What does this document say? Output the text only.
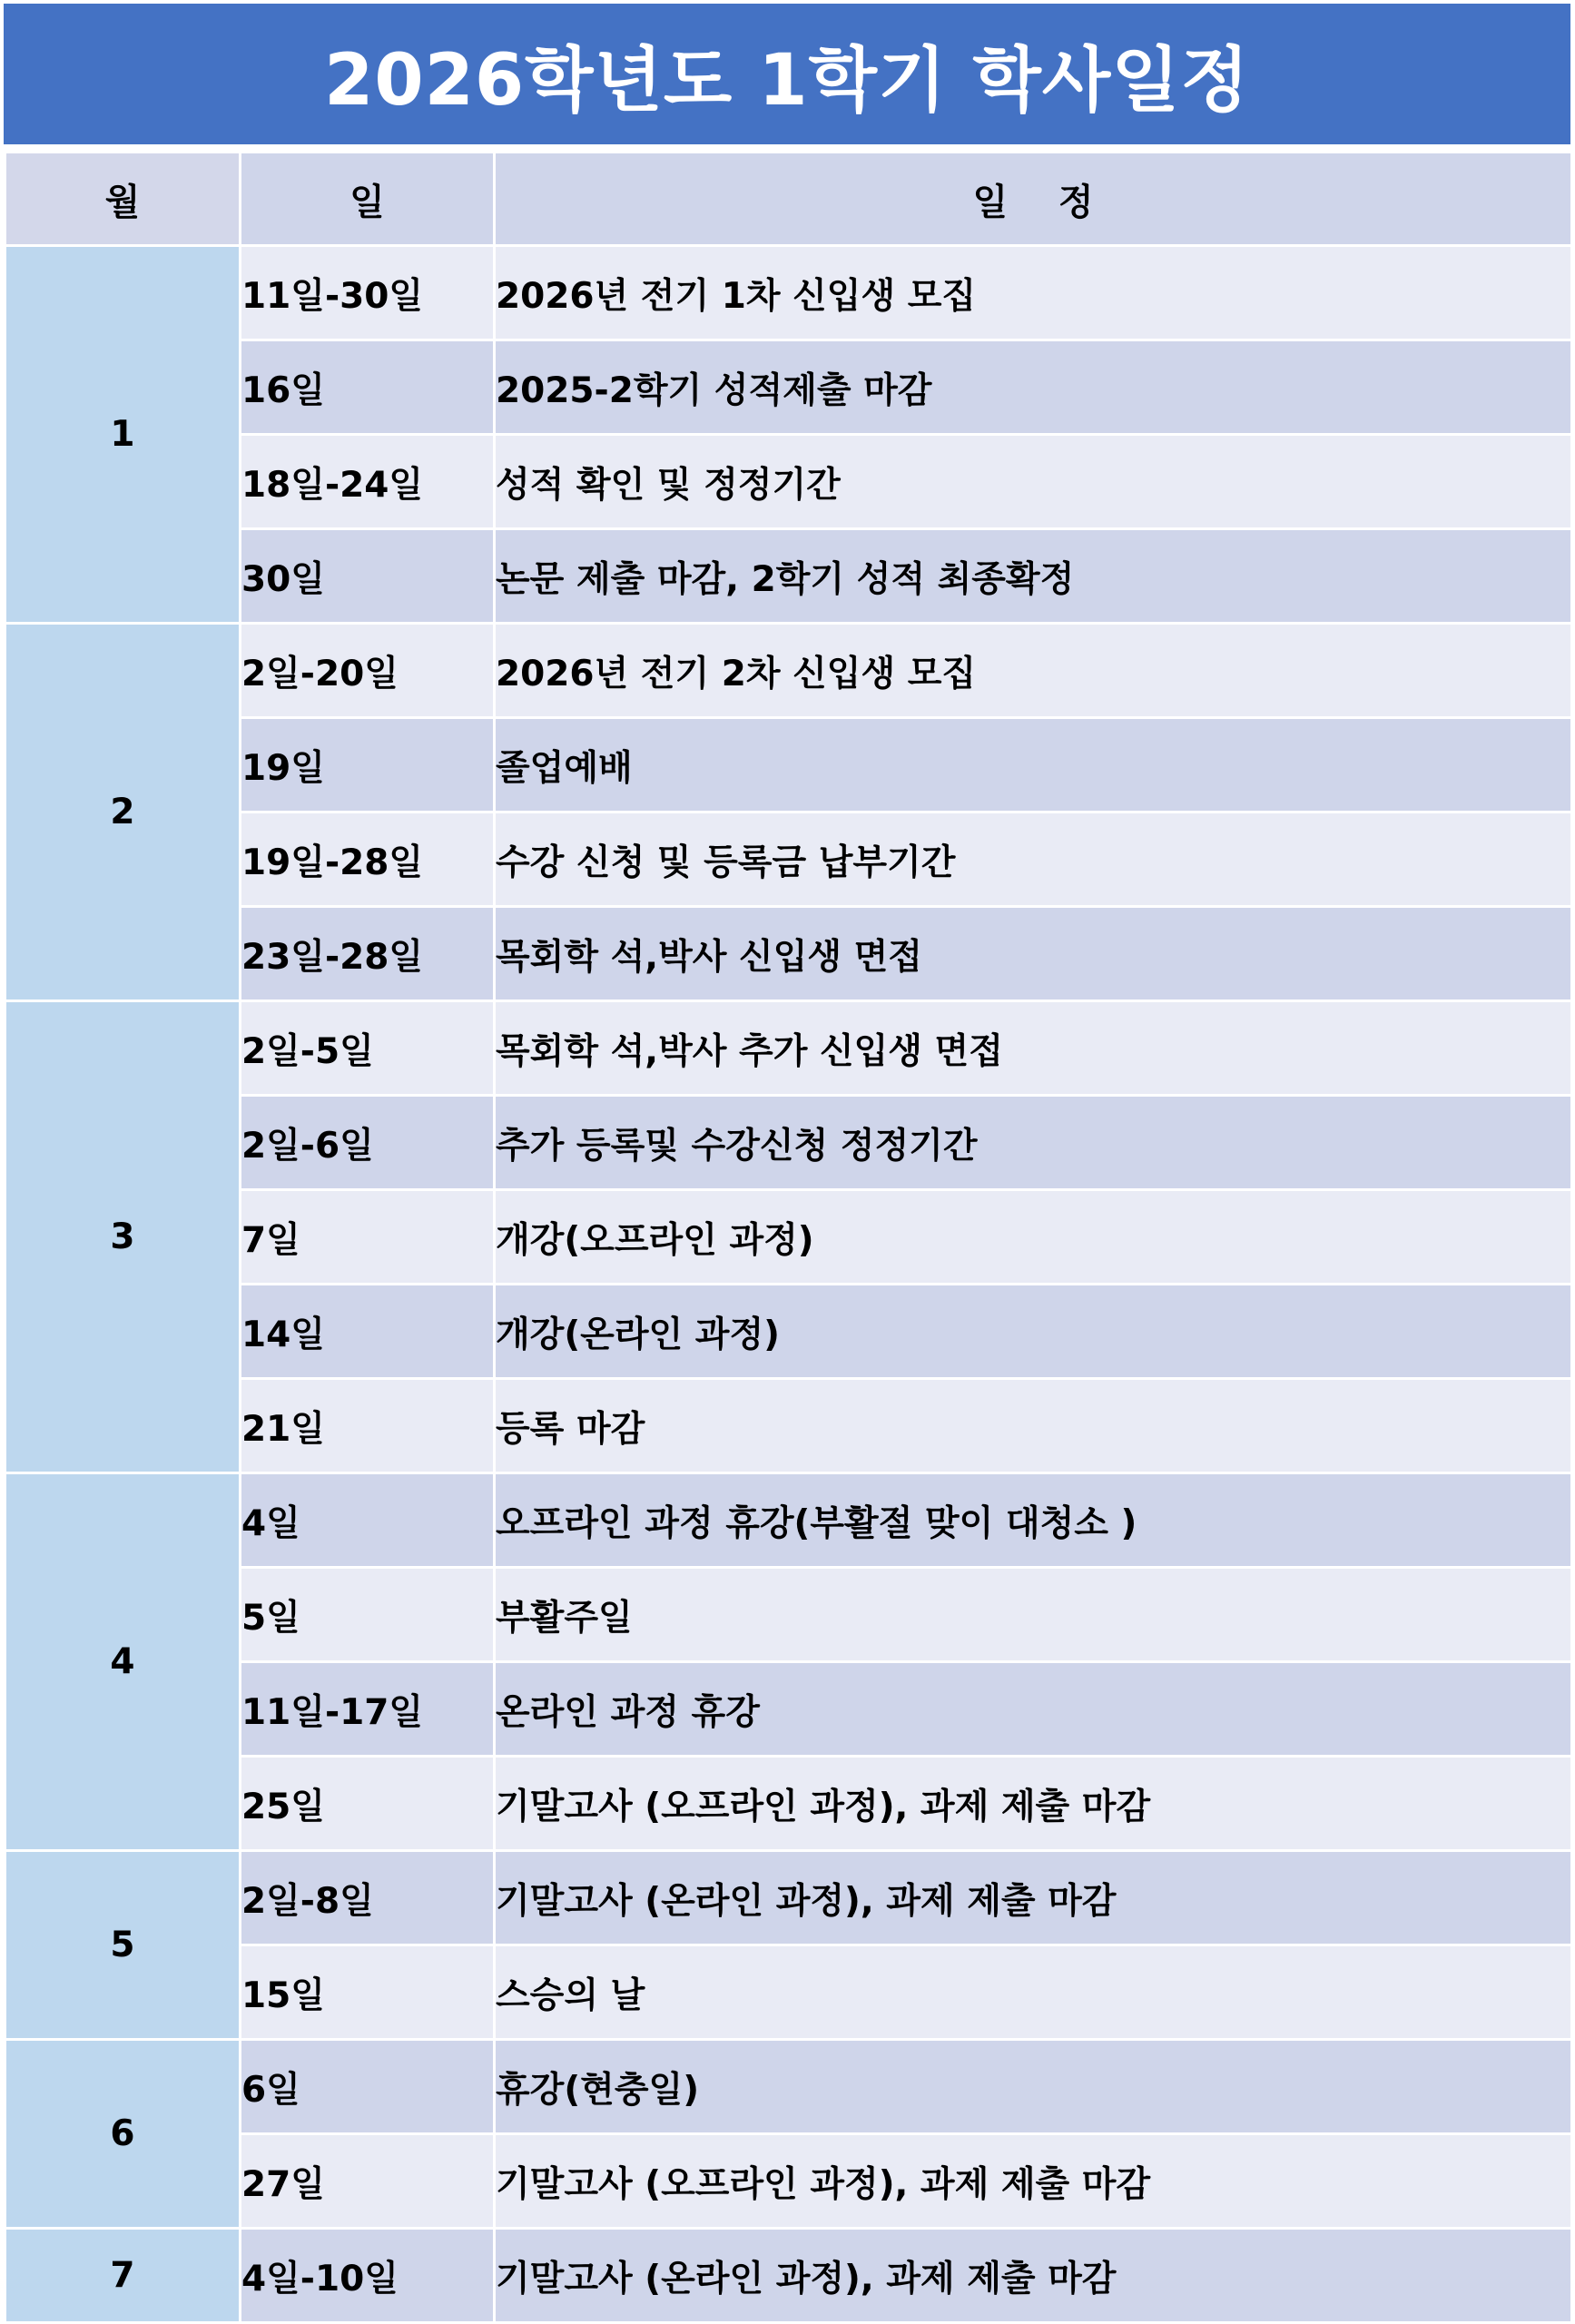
2026학년도 1학기 학사일정
월	일	일    정
1	11일-30일	2026년 전기 1차 신입생 모집
	16일	2025-2학기 성적제출 마감
	18일-24일	성적 확인 및 정정기간
	30일	논문 제출 마감, 2학기 성적 최종확정
2	2일-20일	2026년 전기 2차 신입생 모집
	19일	졸업예배
	19일-28일	수강 신청 및 등록금 납부기간
	23일-28일	목회학 석,박사 신입생 면접
3	2일-5일	목회학 석,박사 추가 신입생 면접
	2일-6일	추가 등록및 수강신청 정정기간
	7일	개강(오프라인 과정)
	14일	개강(온라인 과정)
	21일	등록 마감
4	4일	오프라인 과정 휴강(부활절 맞이 대청소 )
	5일	부활주일
	11일-17일	온라인 과정 휴강
	25일	기말고사 (오프라인 과정), 과제 제출 마감
5	2일-8일	기말고사 (온라인 과정), 과제 제출 마감
	15일	스승의 날
6	6일	휴강(현충일)
	27일	기말고사 (오프라인 과정), 과제 제출 마감
7	4일-10일	기말고사 (온라인 과정), 과제 제출 마감
